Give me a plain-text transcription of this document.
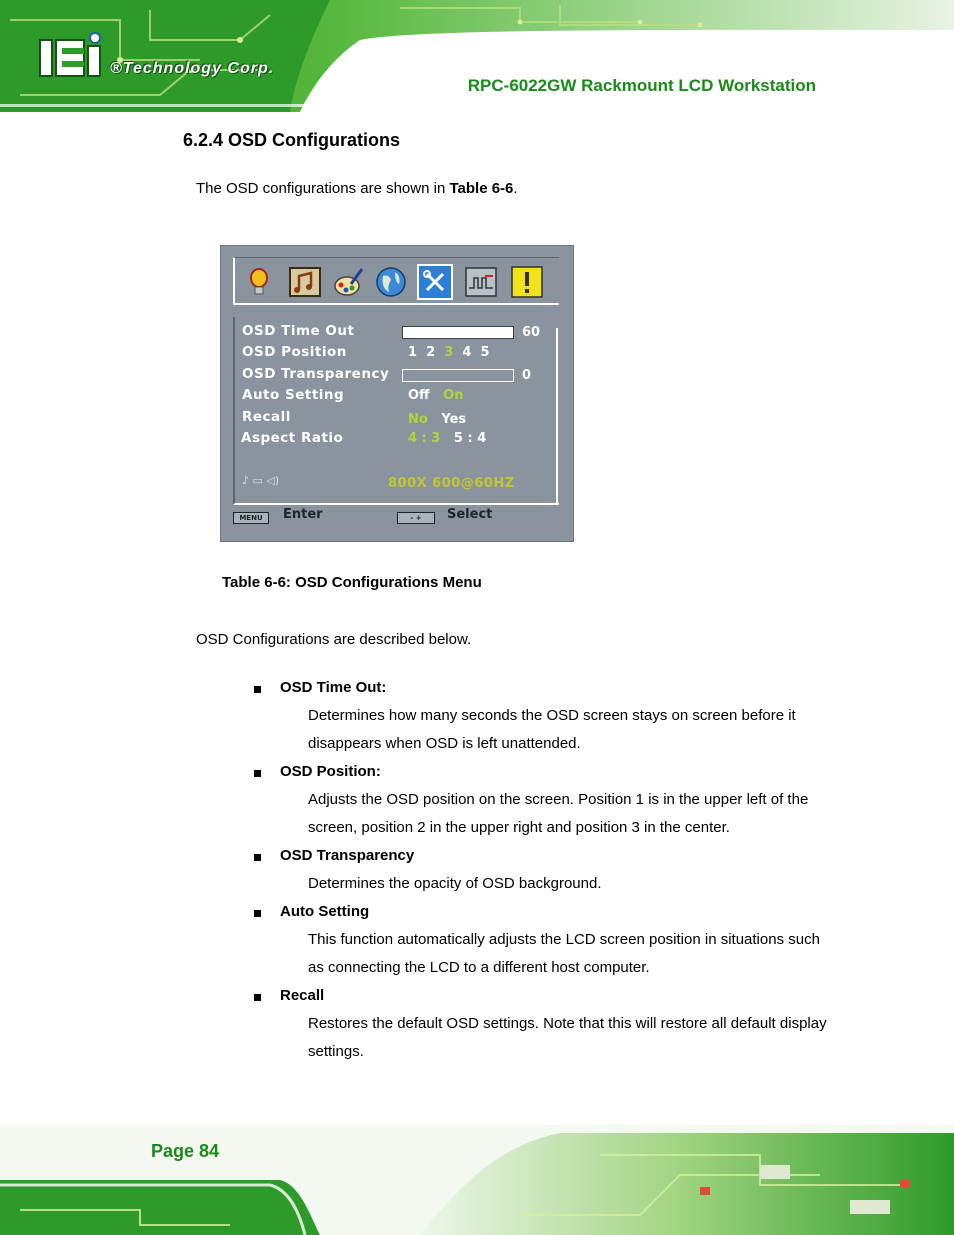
®Technology Corp.
RPC-6022GW Rackmount LCD Workstation
6.2.4 OSD Configurations
The OSD configurations are shown in Table 6-6.
OSD Time Out	60
OSD Position	1 2 3 4 5
OSD Transparency	0
Auto Setting	Off On
Recall	No Yes
Aspect Ratio	4 : 3 5 : 4
♪ ▭ ◁)	800X 600@60HZ
MENU	Enter	- +	Select
Table 6-6: OSD Configurations Menu
OSD Configurations are described below.
OSD Time Out:
Determines how many seconds the OSD screen stays on screen before it disappears when OSD is left unattended.
OSD Position:
Adjusts the OSD position on the screen. Position 1 is in the upper left of the screen, position 2 in the upper right and position 3 in the center.
OSD Transparency
Determines the opacity of OSD background.
Auto Setting
This function automatically adjusts the LCD screen position in situations such as connecting the LCD to a different host computer.
Recall
Restores the default OSD settings. Note that this will restore all default display settings.
Page 84
